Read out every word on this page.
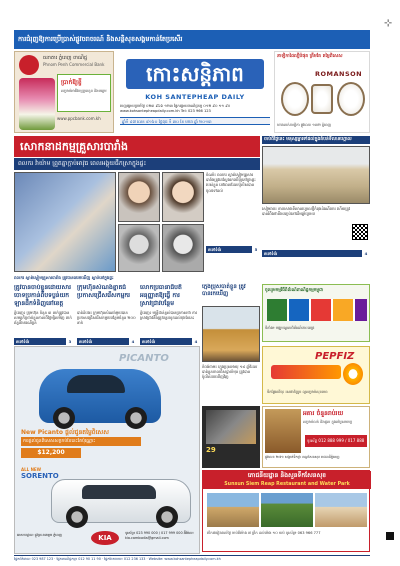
⊹
ការជំរុញឱ្យការប្រើប្រាស់ផ្លូវចរាចរណ៍ និងសន្តិសុខសង្គមកាន់តែប្រសើរ
ធនាគារ ភ្នំពេញ ពាណិជ្ជ
Phnom Penh Commercial Bank
ប្រាក់ឱ្យខ្ចី
សម្រាប់អាជីវកម្មខ្នាតតូច និងមធ្យម
www.ppcbank.com.kh
កោះសន្តិភាព
KOH SANTEPHEAP DAILY
ចេញផ្សាយប្រចាំថ្ងៃ ០២៣ ៩៦៦ ១២៣ ផ្នែកផ្សាយពាណិជ្ជកម្ម ០១២ ៩០ ១១ ៩០
www.kohsantepheapdaily.com.kh Tel: 023 966 123
ឆ្នាំទី ៤៧ លេខ ៨១៦០ ថ្ងៃពុធ ទី ៣០ ខែ មករា ឆ្នាំ ២០១៣
នាឡិកាដៃល្បីបំផុត ត្រឹមតែ តម្លៃពិសេស
ROMANSON
ហាងលក់នាឡិកា ផ្លូវលេខ ១៣២ ភ្នំពេញ
សោកនាដកម្មគ្រួសារបារាំង
ពលករ វ៉ាយ៉ាម ព្រួតគ្នាក្តាប់អាវុធ ពេលអង្គុយផឹកស្រាក្នុងផ្ទះ
ចំណាំ៖ ពលករ ស្ងាត់ស្ងៀមគ្រួសារបារាំងត្រូវគេស្វែងរកឃើញនៅក្នុងផ្ទះរបស់ខ្លួន នៅពេលដែលប៉ូលិសបានចូលទៅដល់
តទៅទំព័រ	5
ពលករ ស្ងាត់ស្ងៀមគ្រួសារបារាំង ត្រូវបានគេរកឃើញ ស្លាប់នៅក្នុងផ្ទះ
ត្រូវបានចាប់ខ្លួនដោយសារ ចោទប្រកាន់ពីបទប្លន់យក ឡានដឹកទំនិញនៅខេត្ត
ភ្នំពេញ៖ ក្រុមហ៊ុន ចំនួន ៣ នាក់ត្រូវបានសមត្ថកិច្ចចាប់ខ្លួនកាលពីថ្ងៃម្សិលមិញ ពាក់ព័ន្ធនឹងករណីប្លន់
តទៅទំព័រ	3
ក្រុមហ៊ុនសំណង់ខ្នាតធំ ប្រកាសជ្រើសរើសកម្មករ
បាត់ដំបង៖ ក្រុមហ៊ុនសំណង់មួយបានប្រកាសជ្រើសរើសកម្មករបន្ថែមចំនួន ២០០ នាក់
តទៅទំព័រ	4
លោកប្រធានាធិបតី អនុញ្ញាតឱ្យធ្វើ ការស្រាវជ្រាវបន្ថែម
ភ្នំពេញ៖ មន្ត្រីជាន់ខ្ពស់បានប្រកាសថា ការស្រាវជ្រាវនឹងត្រូវបន្តរហូតដល់ចុងខែនេះ
តទៅទំព័រ	4
PICANTO
New Picanto ផ្តល់ជូនតម្លៃពិសេស
ការផ្តល់ជូនពិសេសសម្រាប់ខែនេះតែប៉ុណ្ណោះ
$12,200
ALL NEW
SORENTO
KIA
ទូរស័ព្ទ៖ 023 990 000 / 017 999 000 អ៊ីម៉ែល៖ kia.cambodia@gmail.com
អាសយដ្ឋាន៖ ផ្លូវព្រះនរោត្តម ភ្នំពេញ
ក្មេងប្រុសបាត់ខ្លួន ត្រូវបានរកឃើញ
កំពង់ចាម៖ ក្មេងប្រុសអាយុ ១៤ ឆ្នាំដែលបាត់ខ្លួនកាលពីសប្តាហ៍មុន ត្រូវបានប៉ូលិសរកឃើញវិញ
ចាប់ពីថ្ងៃនេះ មនុស្សម្នាទៅដល់ក្នុងតំបន់ទីលានហ្គោល
សៀមរាប៖ ការកសាងទីលានហ្គោលថ្មីកំពុងដំណើរការ ហើយត្រូវបានរំពឹងថានឹងបញ្ចប់នៅដើមឆ្នាំក្រោយ
តទៅទំព័រ	4
ចូលរួមកម្មវិធីពិព័រណ៍ពាណិជ្ជកម្មកម្ពុជា
ទីតាំង៖ មជ្ឈមណ្ឌលពិព័រណ៍កោះពេជ្រ
PEPFIZ
ទឹកផ្លែឈើពុះ រសជាតិក្រូច ល្អសម្រាប់សុខភាព
29
អគារ ចំនួនរាប់រយ
សម្រាប់លក់ និងជួល ក្នុងតម្លៃសមរម្យ
ទូរស័ព្ទ 012 888 999 / 017 888 999
ផ្លូវលេខ ២៧១ សង្កាត់ទឹកថ្លា ខណ្ឌសែនសុខ រាជធានីភ្នំពេញ
ភោជនីយដ្ឋាន និងសួនទឹកសែនសុខ
Sunsun Siem Reap Restaurant and Water Park
បើកជារៀងរាល់ថ្ងៃ ចាប់ពីម៉ោង ៧ ព្រឹក ដល់ម៉ោង ១០ យប់ ទូរស័ព្ទ៖ 063 966 777
ផ្នែកព័ត៌មាន៖ 023 987 123 · ផ្នែកពាណិជ្ជកម្ម៖ 012 90 11 90 · ផ្នែកចែកចាយ៖ 012 236 133 · Website: www.kohsantepheapdaily.com.kh
